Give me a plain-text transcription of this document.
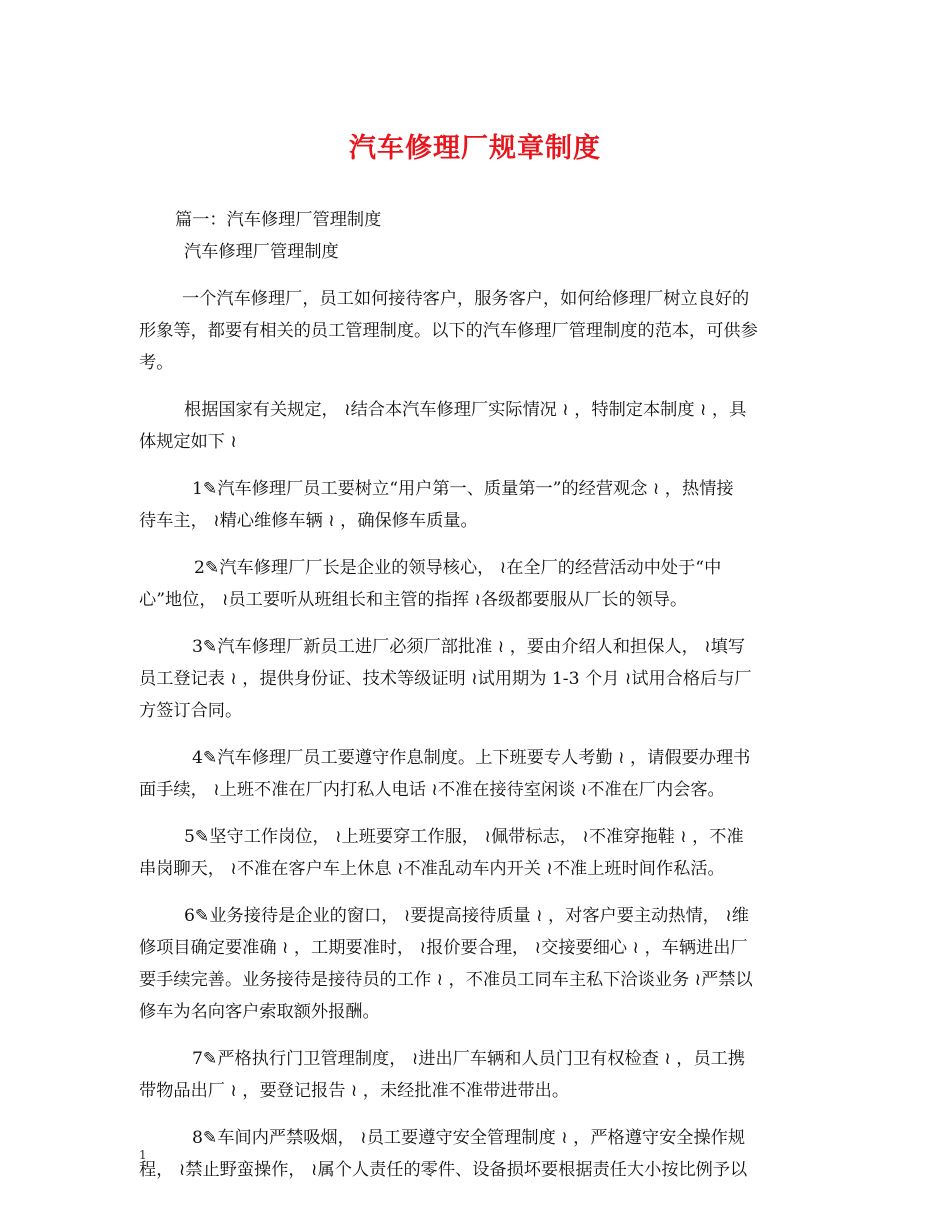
汽车修理厂规章制度
篇一：汽车修理厂管理制度
汽车修理厂管理制度
一个汽车修理厂，员工如何接待客户，服务客户，如何给修理厂树立良好的
形象等，都要有相关的员工管理制度。以下的汽车修理厂管理制度的范本，可供参
考。
根据国家有关规定， ≀结合本汽车修理厂实际情况 ≀ ，特制定本制度 ≀ ，具
体规定如下 ≀
1✎汽车修理厂员工要树立“用户第一、质量第一”的经营观念 ≀ ，热情接
待车主， ≀精心维修车辆 ≀ ，确保修车质量。
2✎汽车修理厂厂长是企业的领导核心， ≀在全厂的经营活动中处于“中
心”地位， ≀员工要听从班组长和主管的指挥 ≀各级都要服从厂长的领导。
3✎汽车修理厂新员工进厂必须厂部批准 ≀ ，要由介绍人和担保人， ≀填写
员工登记表 ≀ ，提供身份证、技术等级证明 ≀试用期为 1-3 个月 ≀试用合格后与厂
方签订合同。
4✎汽车修理厂员工要遵守作息制度。上下班要专人考勤 ≀ ，请假要办理书
面手续， ≀上班不准在厂内打私人电话 ≀不准在接待室闲谈 ≀不准在厂内会客。
5✎坚守工作岗位， ≀上班要穿工作服， ≀佩带标志， ≀不准穿拖鞋 ≀ ，不准
串岗聊天， ≀不准在客户车上休息 ≀不准乱动车内开关 ≀不准上班时间作私活。
6✎业务接待是企业的窗口， ≀要提高接待质量 ≀ ，对客户要主动热情， ≀维
修项目确定要准确 ≀ ，工期要准时， ≀报价要合理， ≀交接要细心 ≀ ，车辆进出厂
要手续完善。业务接待是接待员的工作 ≀ ，不准员工同车主私下洽谈业务 ≀严禁以
修车为名向客户索取额外报酬。
7✎严格执行门卫管理制度， ≀进出厂车辆和人员门卫有权检查 ≀ ，员工携
带物品出厂 ≀ ，要登记报告 ≀ ，未经批准不准带进带出。
8✎车间内严禁吸烟， ≀员工要遵守安全管理制度 ≀ ，严格遵守安全操作规
程， ≀禁止野蛮操作， ≀属个人责任的零件、设备损坏要根据责任大小按比例予以
1
